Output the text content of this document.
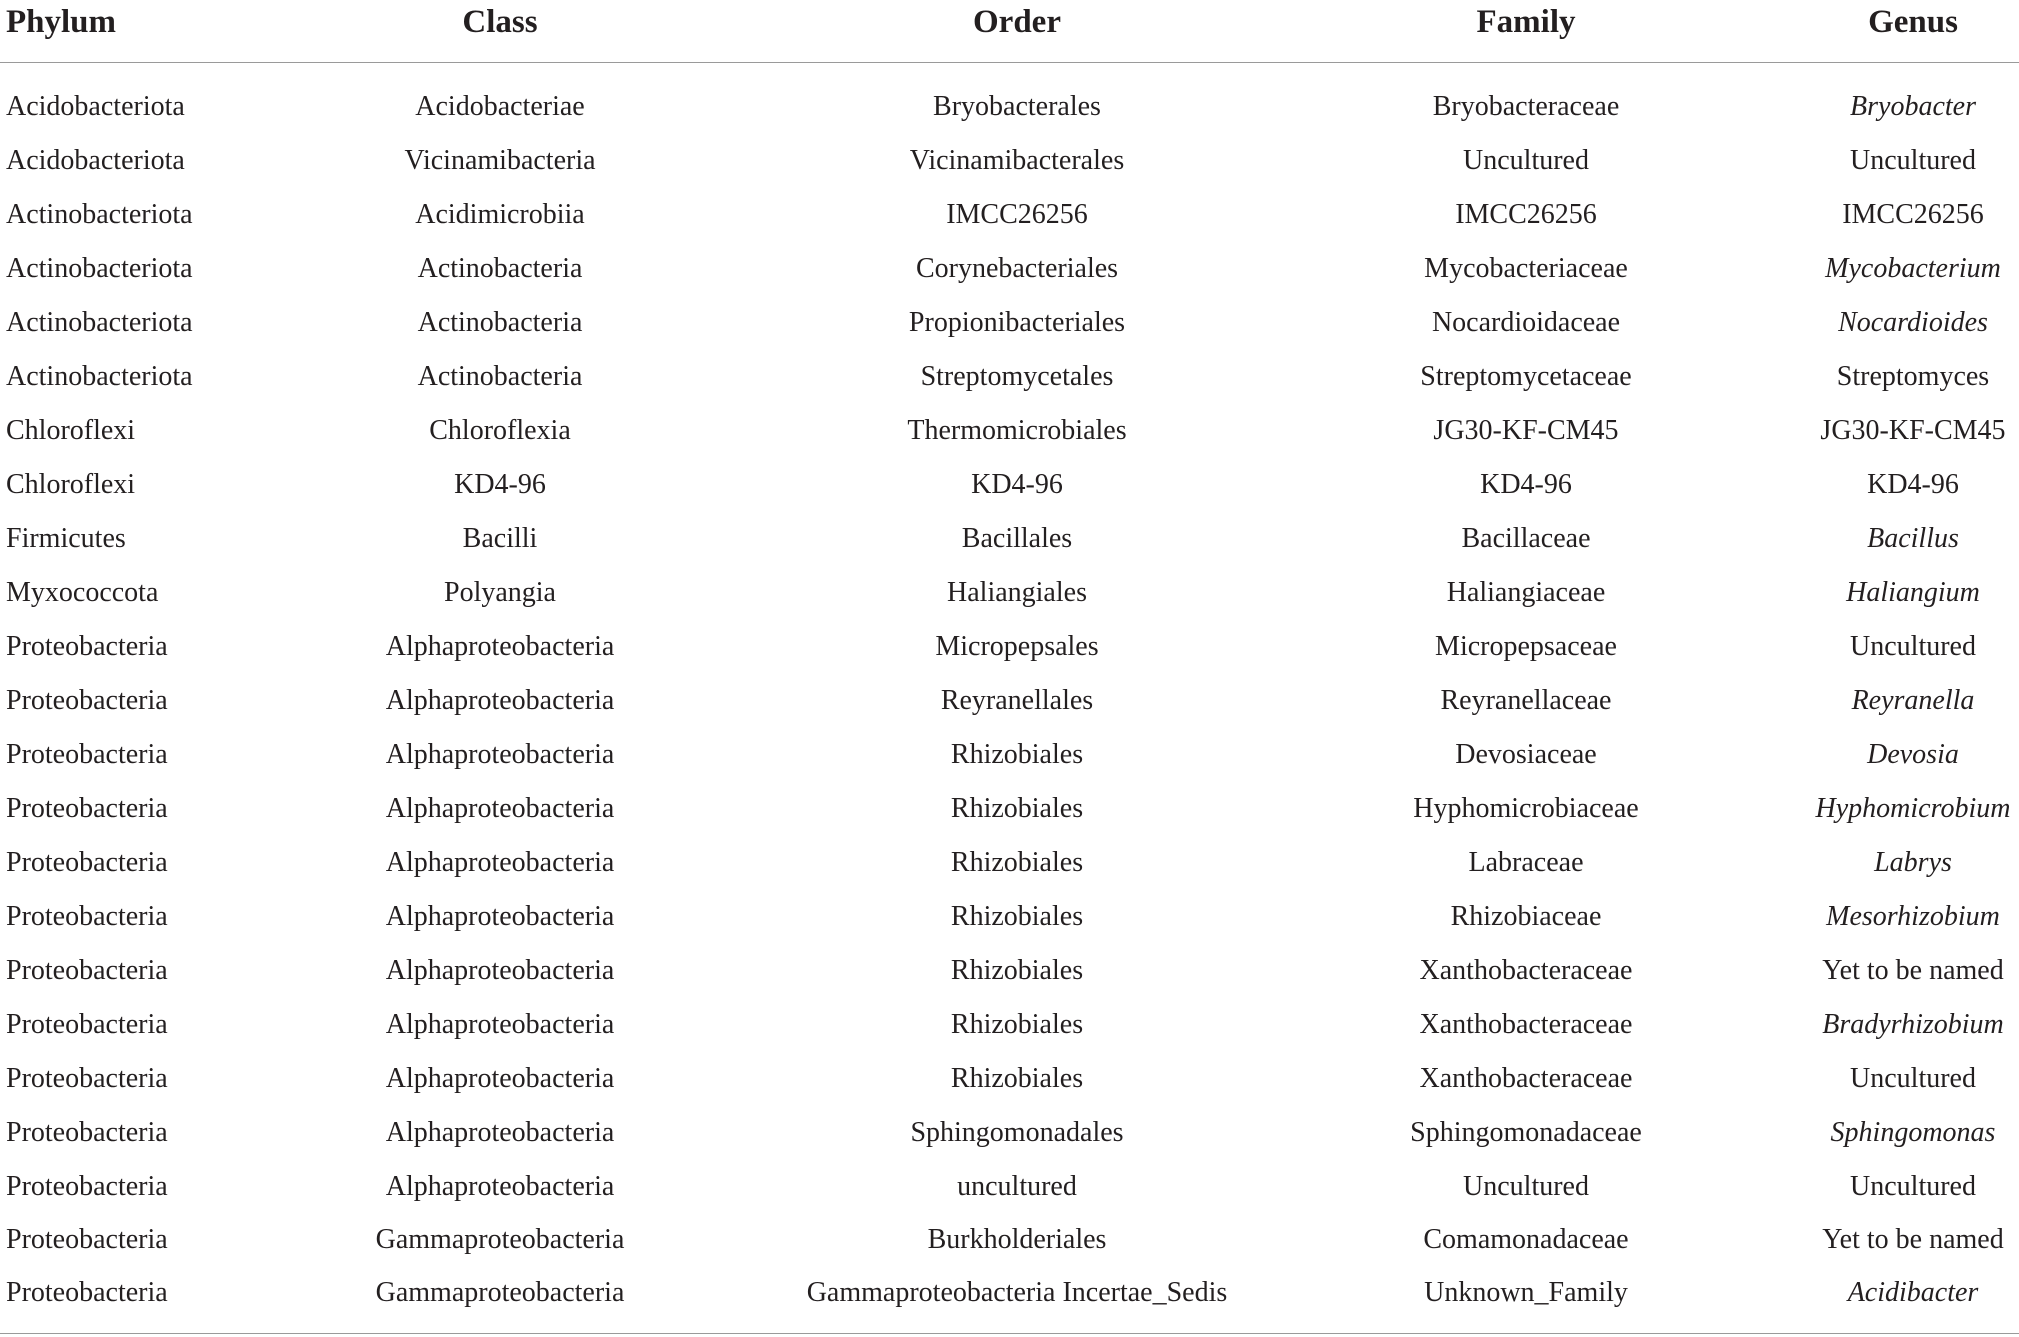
Phylum	Class	Order	Family	Genus
Acidobacteriota	Acidobacteriae	Bryobacterales	Bryobacteraceae	Bryobacter
Acidobacteriota	Vicinamibacteria	Vicinamibacterales	Uncultured	Uncultured
Actinobacteriota	Acidimicrobiia	IMCC26256	IMCC26256	IMCC26256
Actinobacteriota	Actinobacteria	Corynebacteriales	Mycobacteriaceae	Mycobacterium
Actinobacteriota	Actinobacteria	Propionibacteriales	Nocardioidaceae	Nocardioides
Actinobacteriota	Actinobacteria	Streptomycetales	Streptomycetaceae	Streptomyces
Chloroflexi	Chloroflexia	Thermomicrobiales	JG30-KF-CM45	JG30-KF-CM45
Chloroflexi	KD4-96	KD4-96	KD4-96	KD4-96
Firmicutes	Bacilli	Bacillales	Bacillaceae	Bacillus
Myxococcota	Polyangia	Haliangiales	Haliangiaceae	Haliangium
Proteobacteria	Alphaproteobacteria	Micropepsales	Micropepsaceae	Uncultured
Proteobacteria	Alphaproteobacteria	Reyranellales	Reyranellaceae	Reyranella
Proteobacteria	Alphaproteobacteria	Rhizobiales	Devosiaceae	Devosia
Proteobacteria	Alphaproteobacteria	Rhizobiales	Hyphomicrobiaceae	Hyphomicrobium
Proteobacteria	Alphaproteobacteria	Rhizobiales	Labraceae	Labrys
Proteobacteria	Alphaproteobacteria	Rhizobiales	Rhizobiaceae	Mesorhizobium
Proteobacteria	Alphaproteobacteria	Rhizobiales	Xanthobacteraceae	Yet to be named
Proteobacteria	Alphaproteobacteria	Rhizobiales	Xanthobacteraceae	Bradyrhizobium
Proteobacteria	Alphaproteobacteria	Rhizobiales	Xanthobacteraceae	Uncultured
Proteobacteria	Alphaproteobacteria	Sphingomonadales	Sphingomonadaceae	Sphingomonas
Proteobacteria	Alphaproteobacteria	uncultured	Uncultured	Uncultured
Proteobacteria	Gammaproteobacteria	Burkholderiales	Comamonadaceae	Yet to be named
Proteobacteria	Gammaproteobacteria	Gammaproteobacteria Incertae_Sedis	Unknown_Family	Acidibacter
